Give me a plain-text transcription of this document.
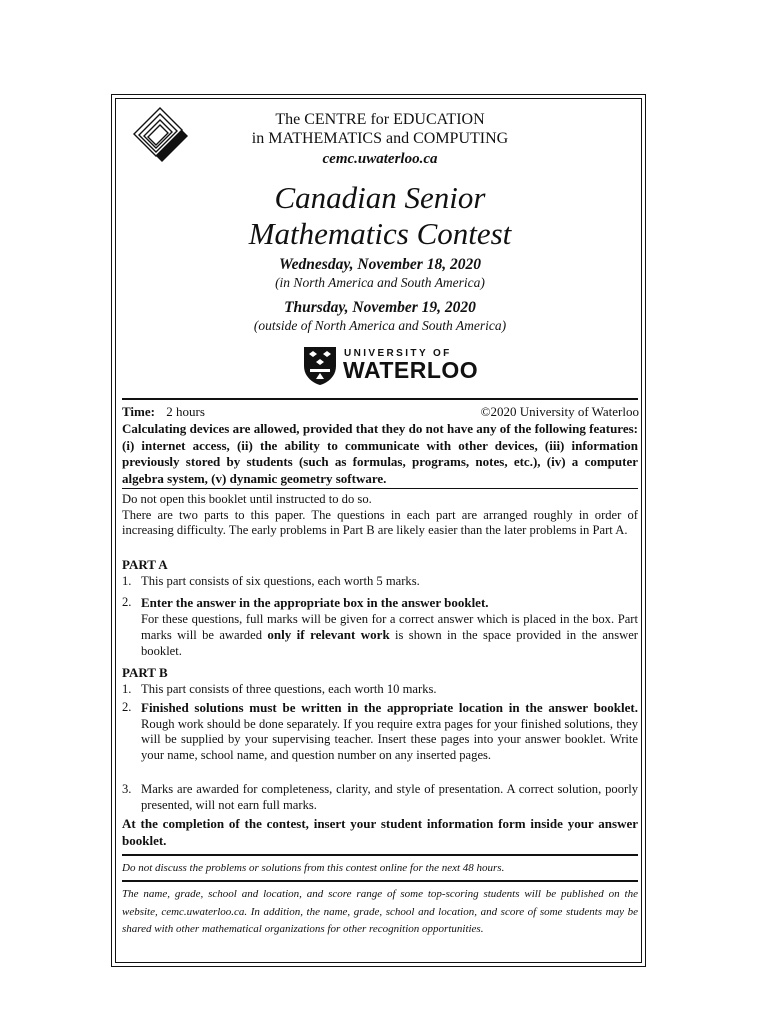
The CENTRE for EDUCATION
in MATHEMATICS and COMPUTING
cemc.uwaterloo.ca
Canadian Senior
Mathematics Contest
Wednesday, November 18, 2020
(in North America and South America)
Thursday, November 19, 2020
(outside of North America and South America)
UNIVERSITY OF
WATERLOO
Time: 2 hours	©2020 University of Waterloo
Calculating devices are allowed, provided that they do not have any of the following features: (i) internet access, (ii) the ability to communicate with other devices, (iii) information previously stored by students (such as formulas, programs, notes, etc.), (iv) a computer algebra system, (v) dynamic geometry software.
Do not open this booklet until instructed to do so.
There are two parts to this paper. The questions in each part are arranged roughly in order of increasing difficulty. The early problems in Part B are likely easier than the later problems in Part A.
PART A
1. This part consists of six questions, each worth 5 marks.
2. Enter the answer in the appropriate box in the answer booklet.
For these questions, full marks will be given for a correct answer which is placed in the box. Part marks will be awarded only if relevant work is shown in the space provided in the answer booklet.
PART B
1. This part consists of three questions, each worth 10 marks.
2. Finished solutions must be written in the appropriate location in the answer booklet. Rough work should be done separately. If you require extra pages for your finished solutions, they will be supplied by your supervising teacher. Insert these pages into your answer booklet. Write your name, school name, and question number on any inserted pages.
3. Marks are awarded for completeness, clarity, and style of presentation. A correct solution, poorly presented, will not earn full marks.
At the completion of the contest, insert your student information form inside your answer booklet.
Do not discuss the problems or solutions from this contest online for the next 48 hours.
The name, grade, school and location, and score range of some top-scoring students will be published on the website, cemc.uwaterloo.ca. In addition, the name, grade, school and location, and score of some students may be shared with other mathematical organizations for other recognition opportunities.
